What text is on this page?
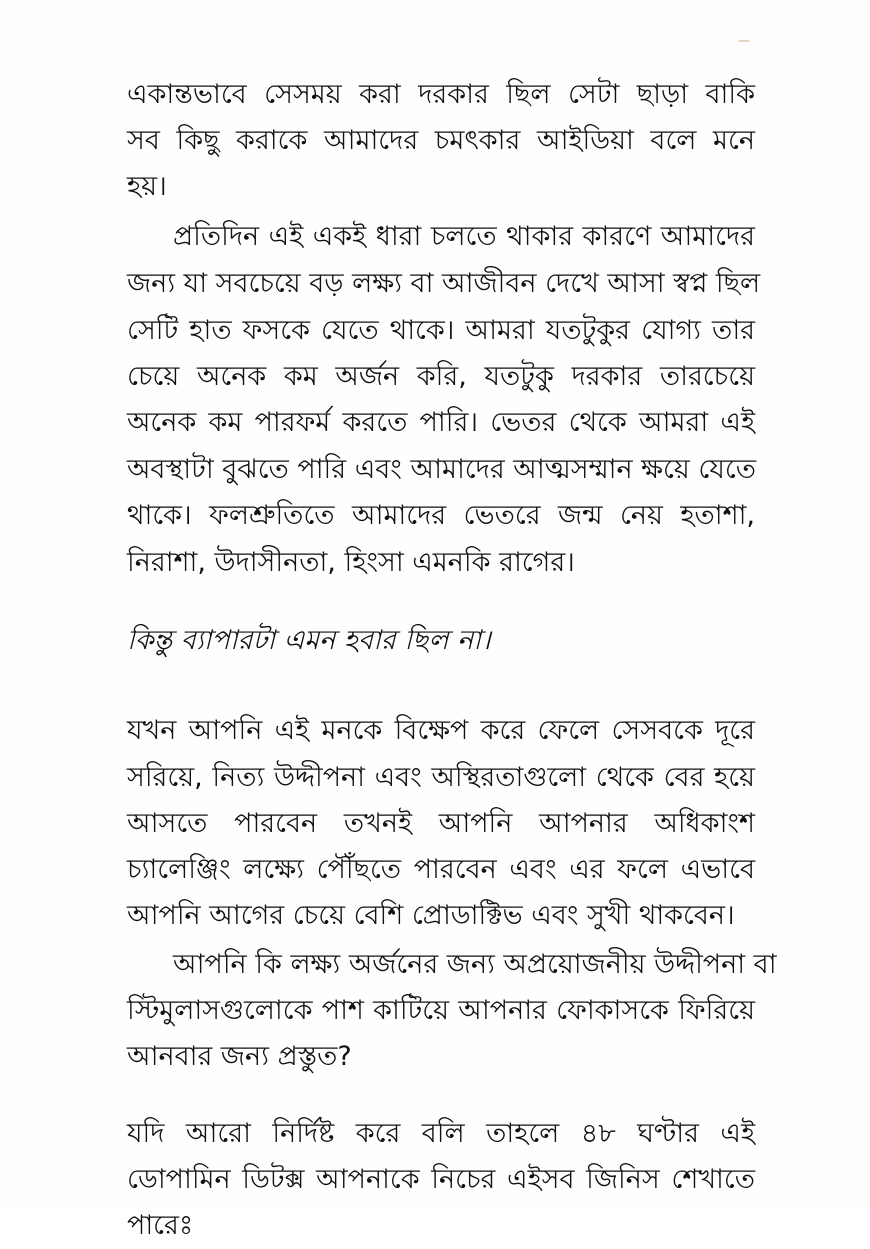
একান্তভাবে সেসময় করা দরকার ছিল সেটা ছাড়া বাকি
সব কিছু করাকে আমাদের চমৎকার আইডিয়া বলে মনে
হয়।
প্রতিদিন এই একই ধারা চলতে থাকার কারণে আমাদের
জন্য যা সবচেয়ে বড় লক্ষ্য বা আজীবন দেখে আসা স্বপ্ন ছিল
সেটি হাত ফসকে যেতে থাকে। আমরা যতটুকুর যোগ্য তার
চেয়ে অনেক কম অর্জন করি, যতটুকু দরকার তারচেয়ে
অনেক কম পারফর্ম করতে পারি। ভেতর থেকে আমরা এই
অবস্থাটা বুঝতে পারি এবং আমাদের আত্মসম্মান ক্ষয়ে যেতে
থাকে। ফলশ্রুতিতে আমাদের ভেতরে জন্ম নেয় হতাশা,
নিরাশা, উদাসীনতা, হিংসা এমনকি রাগের।
কিন্তু ব্যাপারটা এমন হবার ছিল না।
যখন আপনি এই মনকে বিক্ষেপ করে ফেলে সেসবকে দূরে
সরিয়ে, নিত্য উদ্দীপনা এবং অস্থিরতাগুলো থেকে বের হয়ে
আসতে পারবেন তখনই আপনি আপনার অধিকাংশ
চ্যালেঞ্জিং লক্ষ্যে পৌঁছতে পারবেন এবং এর ফলে এভাবে
আপনি আগের চেয়ে বেশি প্রোডাক্টিভ এবং সুখী থাকবেন।
আপনি কি লক্ষ্য অর্জনের জন্য অপ্রয়োজনীয় উদ্দীপনা বা
স্টিমুলাসগুলোকে পাশ কাটিয়ে আপনার ফোকাসকে ফিরিয়ে
আনবার জন্য প্রস্তুত?
যদি আরো নির্দিষ্ট করে বলি তাহলে ৪৮ ঘণ্টার এই
ডোপামিন ডিটক্স আপনাকে নিচের এইসব জিনিস শেখাতে
পারেঃ
